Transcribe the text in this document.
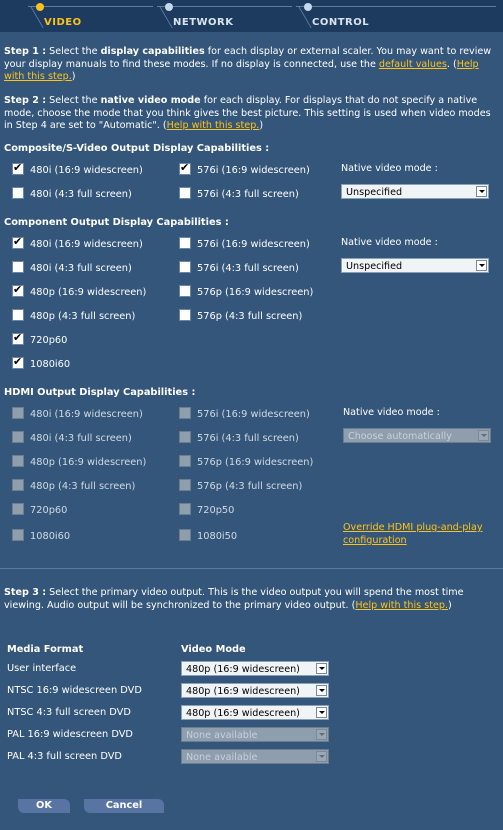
VIDEO	NETWORK	CONTROL

Step 1 : Select the display capabilities for each display or external scaler. You may want to review your display manuals to find these modes. If no display is connected, use the default values. (Help with this step.)

Step 2 : Select the native video mode for each display. For displays that do not specify a native mode, choose the mode that you think gives the best picture. This setting is used when video modes in Step 4 are set to "Automatic". (Help with this step.)

Composite/S-Video Output Display Capabilities :
✔480i (16:9 widescreen)
✔	576i (16:9 widescreen)	Native video mode :
480i (4:3 full screen)	576i (4:3 full screen)	Unspecified
Component Output Display Capabilities :
✔480i (16:9 widescreen)	576i (16:9 widescreen)	Native video mode :
480i (4:3 full screen)	576i (4:3 full screen)	Unspecified
✔480p (16:9 widescreen)	576p (16:9 widescreen)
480p (4:3 full screen)	576p (4:3 full screen)
✔720p60
✔1080i60
HDMI Output Display Capabilities :
480i (16:9 widescreen)	576i (16:9 widescreen)	Native video mode :
480i (4:3 full screen)	576i (4:3 full screen)	Choose automatically
480p (16:9 widescreen)	576p (16:9 widescreen)
480p (4:3 full screen)	576p (4:3 full screen)
720p60	720p50
1080i60	1080i50
Override HDMI plug-and-play configuration

Step 3 : Select the primary video output. This is the video output you will spend the most time viewing. Audio output will be synchronized to the primary video output. (Help with this step.)

Media Format	Video Mode
User interface	480p (16:9 widescreen)
NTSC 16:9 widescreen DVD	480p (16:9 widescreen)
NTSC 4:3 full screen DVD	480p (16:9 widescreen)
PAL 16:9 widescreen DVD	None available
PAL 4:3 full screen DVD	None available
OK	Cancel
